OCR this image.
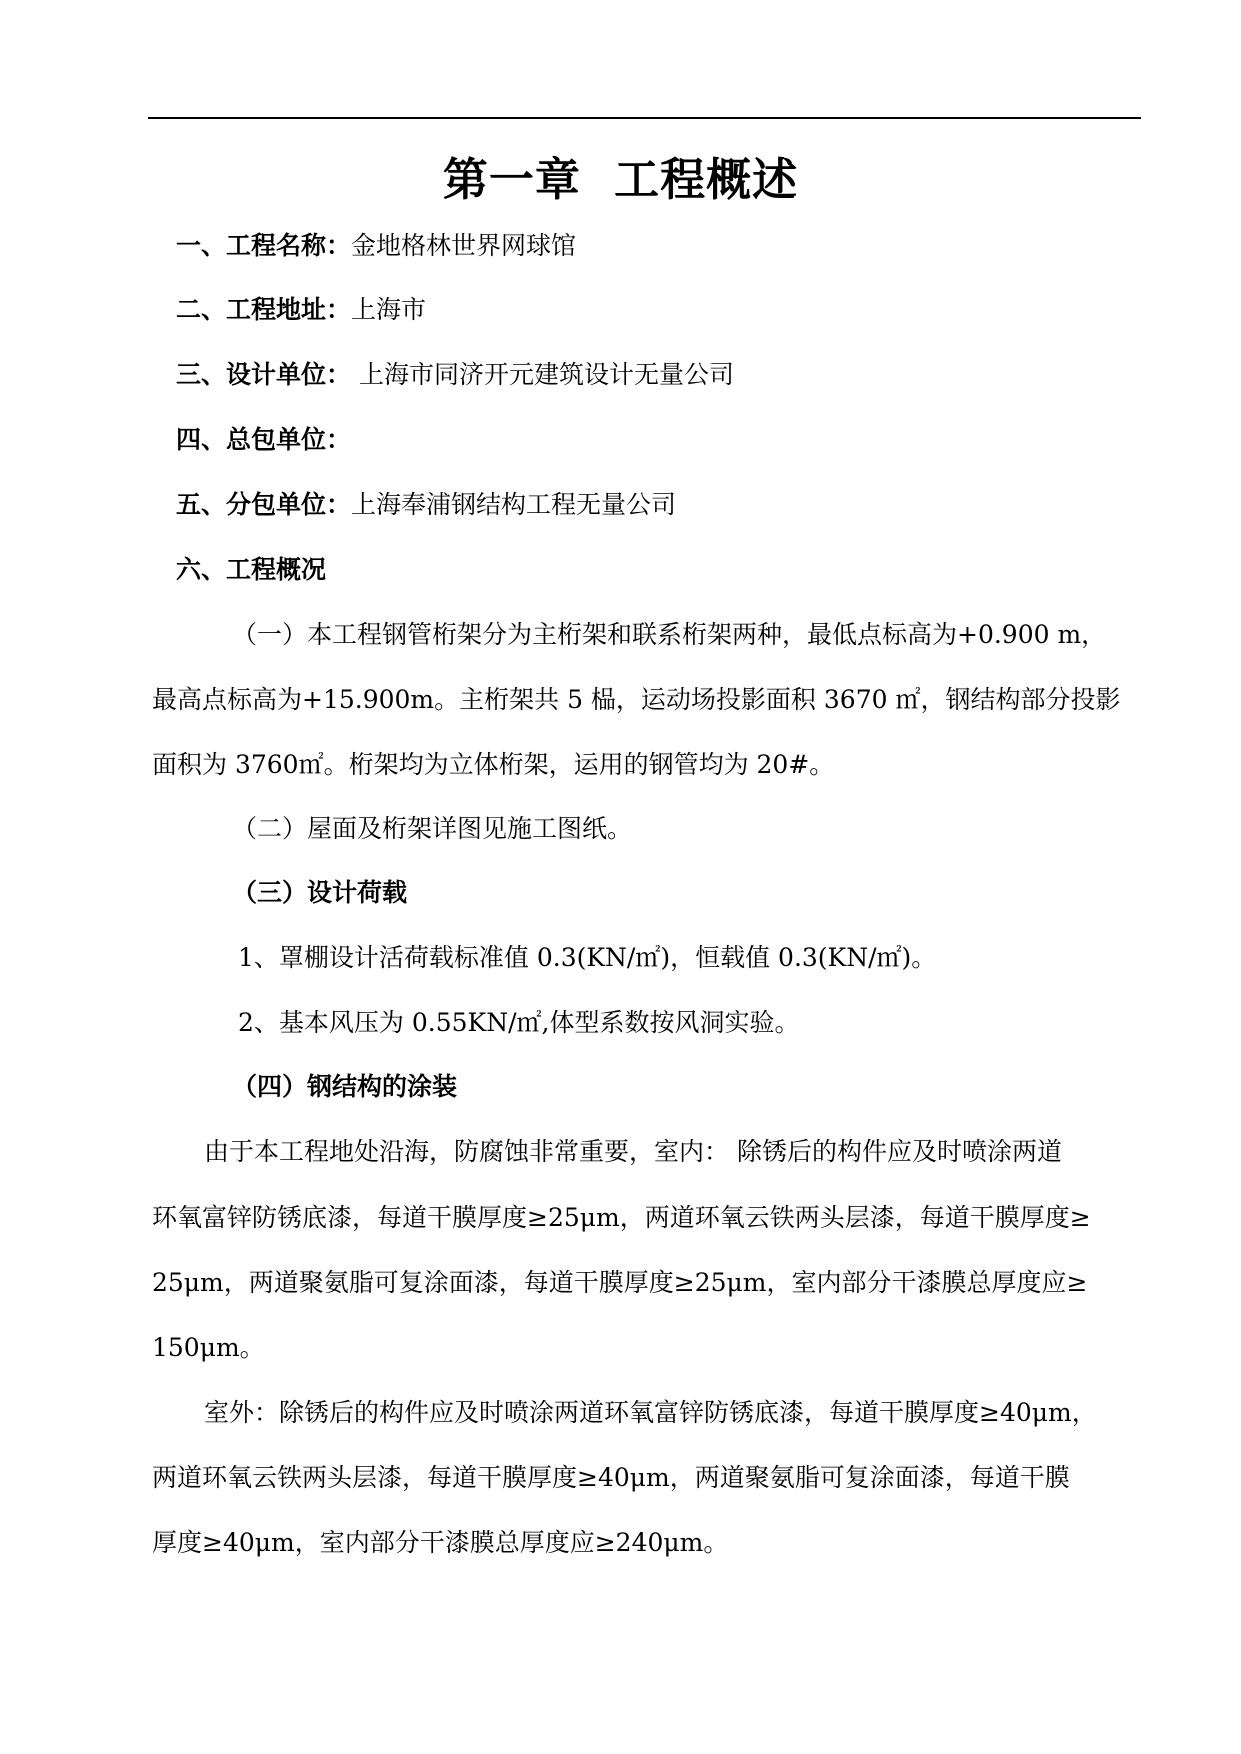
第一章  工程概述
一、工程名称：金地格林世界网球馆
二、工程地址：上海市
三、设计单位： 上海市同济开元建筑设计无量公司
四、总包单位：
五、分包单位：上海奉浦钢结构工程无量公司
六、工程概况
（一）本工程钢管桁架分为主桁架和联系桁架两种，最低点标高为+0.900 m，
最高点标高为+15.900m。主桁架共 5 榀，运动场投影面积 3670 ㎡，钢结构部分投影
面积为 3760㎡。桁架均为立体桁架，运用的钢管均为 20#。
（二）屋面及桁架详图见施工图纸。
（三）设计荷载
1、罩棚设计活荷载标准值 0.3(KN/㎡)，恒载值 0.3(KN/㎡)。
2、基本风压为 0.55KN/㎡,体型系数按风洞实验。
（四）钢结构的涂装
由于本工程地处沿海，防腐蚀非常重要，室内： 除锈后的构件应及时喷涂两道
环氧富锌防锈底漆，每道干膜厚度≥25μm，两道环氧云铁两头层漆，每道干膜厚度≥
25μm，两道聚氨脂可复涂面漆，每道干膜厚度≥25μm，室内部分干漆膜总厚度应≥
150μm。
室外：除锈后的构件应及时喷涂两道环氧富锌防锈底漆，每道干膜厚度≥40μm，
两道环氧云铁两头层漆，每道干膜厚度≥40μm，两道聚氨脂可复涂面漆，每道干膜
厚度≥40μm，室内部分干漆膜总厚度应≥240μm。
